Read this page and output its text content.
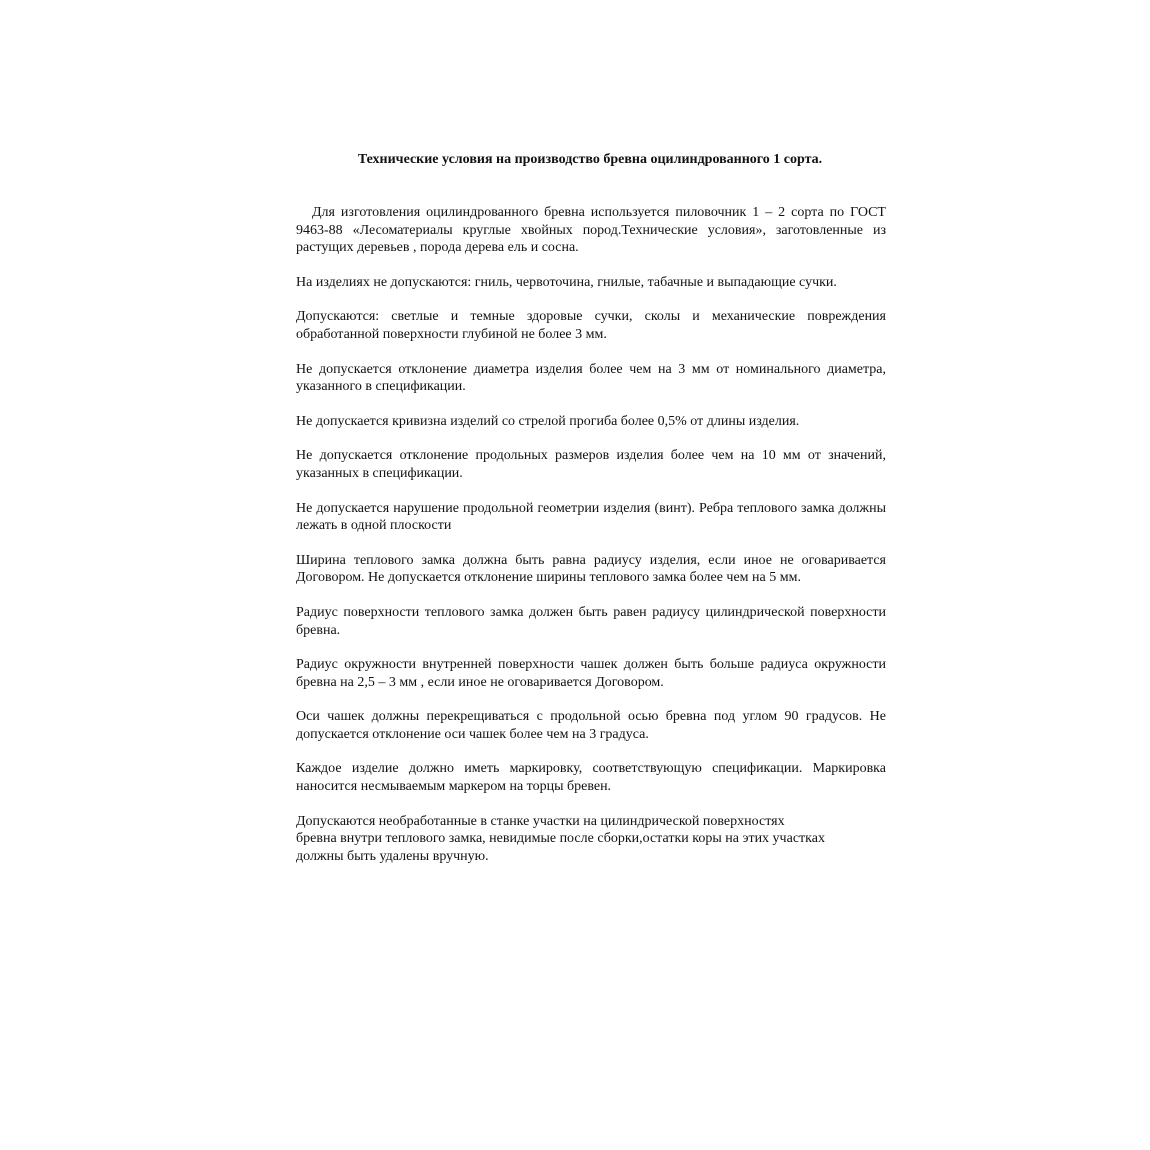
Технические условия на производство бревна оцилиндрованного 1 сорта.

Для изготовления оцилиндрованного бревна используется пиловочник 1 – 2 сорта по ГОСТ 9463-88 «Лесоматериалы круглые хвойных пород.Технические условия», заготовленные из растущих деревьев , порода дерева ель и сосна.

На изделиях не допускаются: гниль, червоточина, гнилые, табачные и выпадающие сучки.

Допускаются: светлые и темные здоровые сучки, сколы и механические повреждения обработанной поверхности глубиной не более 3 мм.

Не допускается отклонение диаметра изделия более чем на 3 мм от номинального диаметра, указанного в спецификации.

Не допускается кривизна изделий со стрелой прогиба более 0,5% от длины изделия.

Не допускается отклонение продольных размеров изделия более чем на 10 мм от значений, указанных в спецификации.

Не допускается нарушение продольной геометрии изделия (винт). Ребра теплового замка должны лежать в одной плоскости

Ширина теплового замка должна быть равна радиусу изделия, если иное не оговаривается Договором. Не допускается отклонение ширины теплового замка более чем на 5 мм.

Радиус поверхности теплового замка должен быть равен радиусу цилиндрической поверхности бревна.

Радиус окружности внутренней поверхности чашек должен быть больше радиуса окружности бревна на 2,5 – 3 мм , если иное не оговаривается Договором.

Оси чашек должны перекрещиваться с продольной осью бревна под углом 90 градусов. Не допускается отклонение оси чашек более чем на 3 градуса.

Каждое изделие должно иметь маркировку, соответствующую спецификации. Маркировка наносится несмываемым маркером на торцы бревен.

Допускаются необработанные в станке участки на цилиндрической поверхностях
бревна внутри теплового замка, невидимые после сборки,остатки коры на этих участках
должны быть удалены вручную.
